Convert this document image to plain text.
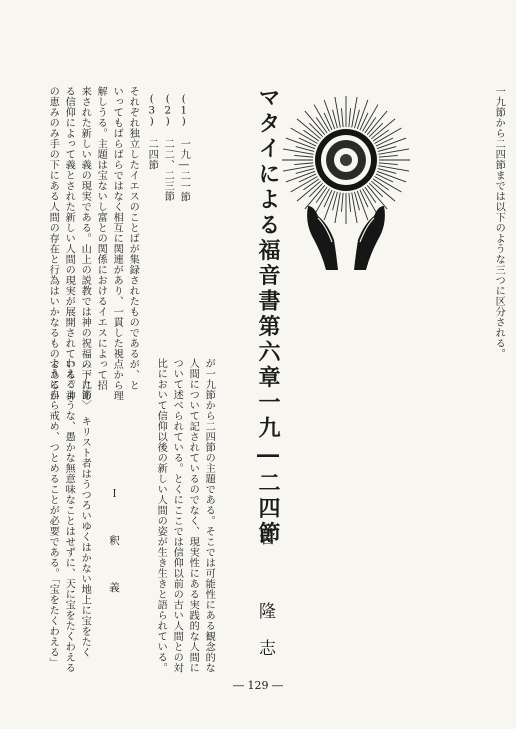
マタイによる福音書第六章一九―二四節
菅　隆志
一九節から二四節までは以下のような三つに区分される。
(1)　一九―二一節
(2)　二二、二三節
(3)　二四節
それぞれ独立したイエスのことばが集録されたものであるが、と
いってもばらばらではなく相互に関連があり、一貫した視点から理
解しうる。主題は宝ないし富との関係におけるイエスによって招
来された新しい義の現実である。山上の説教では神の祝福の下にあ
る信仰によって義とされた新しい人間の現実が展開されている。神
の恵みのみ手の下にある人間の存在と行為はいかなるものであるか
が一九節から二四節の主題である。そこでは可能性にある観念的な
人間について記されているのでなく、現実性にある実践的な人間に
ついて述べられている。とくにここでは信仰以前の古い人間との対
比において信仰以後の新しい人間の姿が生き生きと語られている。
Ｉ　釈　義
〈一九節〉　キリスト者はうつろいゆくはかない地上に宝をたく
わえるような、愚かな無意味なことはせずに、天に宝をたくわえる
ように自ら戒め、つとめることが必要である。「宝をたくわえる」
― 129 ―
